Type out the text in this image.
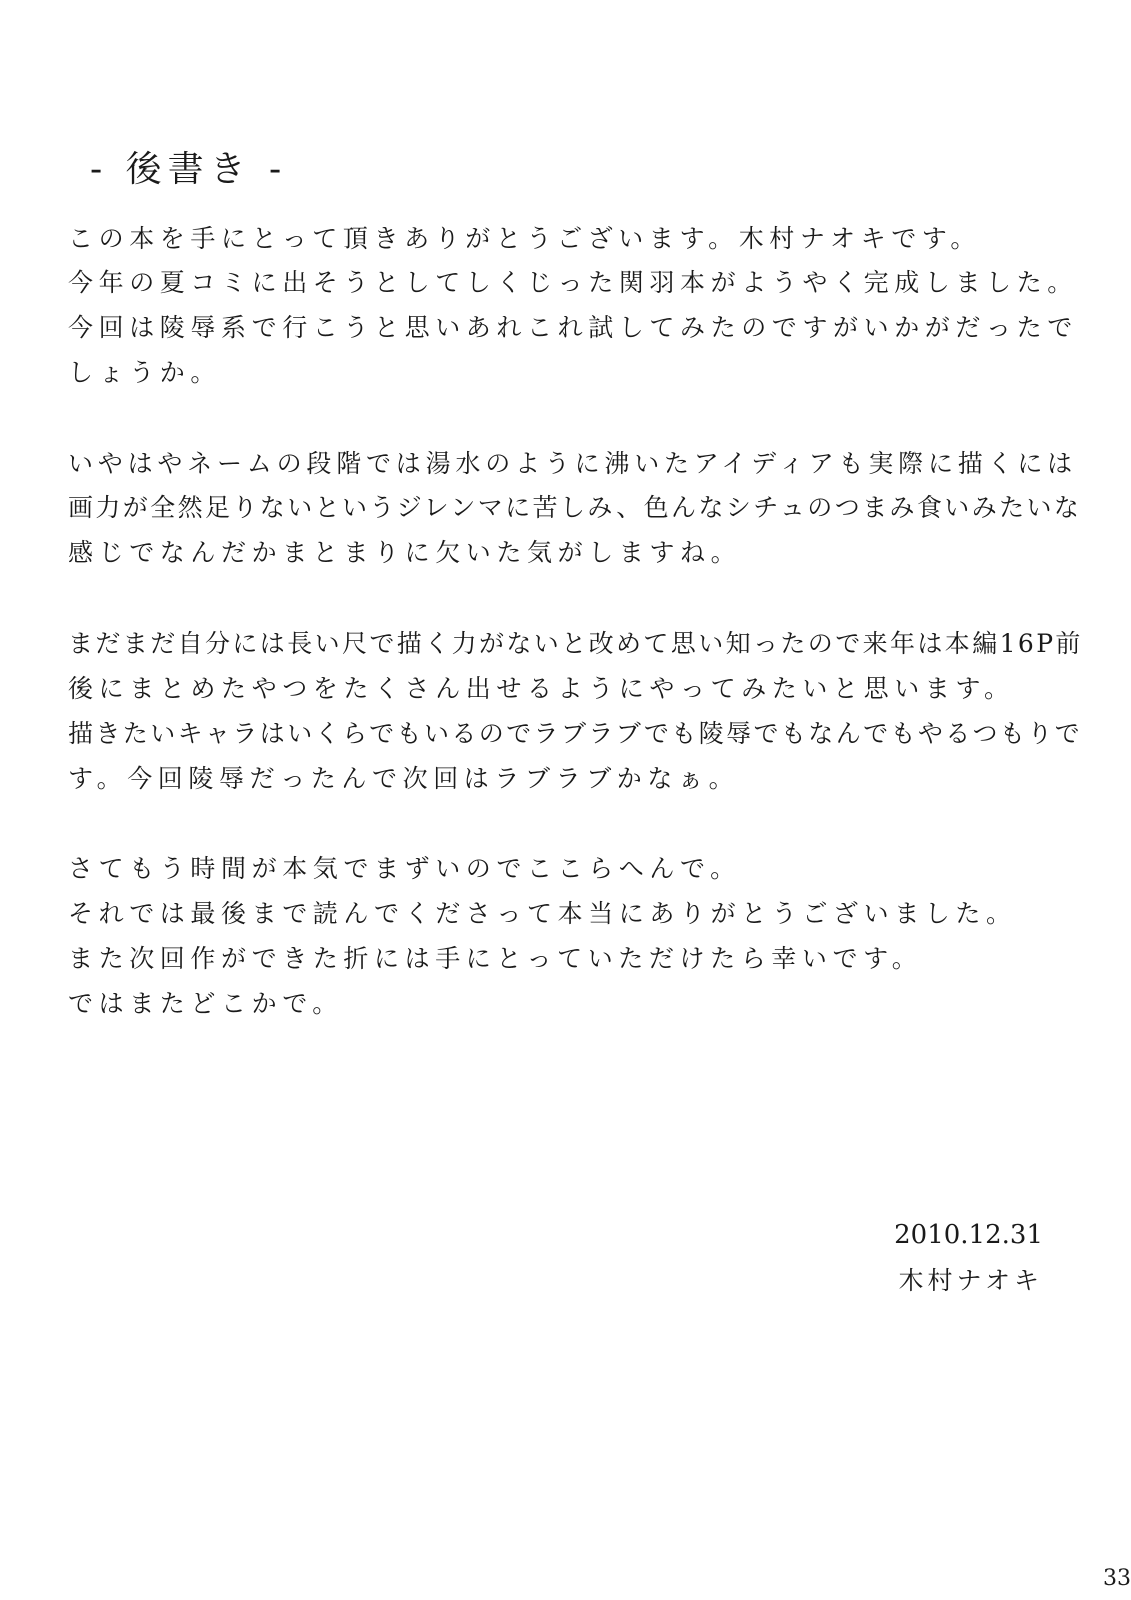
- 後書き -
この本を手にとって頂きありがとうございます。木村ナオキです。
今年の夏コミに出そうとしてしくじった関羽本がようやく完成しました。
今回は陵辱系で行こうと思いあれこれ試してみたのですがいかがだったで
しょうか。
いやはやネームの段階では湯水のように沸いたアイディアも実際に描くには
画力が全然足りないというジレンマに苦しみ、色んなシチュのつまみ食いみたいな
感じでなんだかまとまりに欠いた気がしますね。
まだまだ自分には長い尺で描く力がないと改めて思い知ったので来年は本編16P前
後にまとめたやつをたくさん出せるようにやってみたいと思います。
描きたいキャラはいくらでもいるのでラブラブでも陵辱でもなんでもやるつもりで
す。今回陵辱だったんで次回はラブラブかなぁ。
さてもう時間が本気でまずいのでここらへんで。
それでは最後まで読んでくださって本当にありがとうございました。
また次回作ができた折には手にとっていただけたら幸いです。
ではまたどこかで。
2010.12.31
木村ナオキ
33
